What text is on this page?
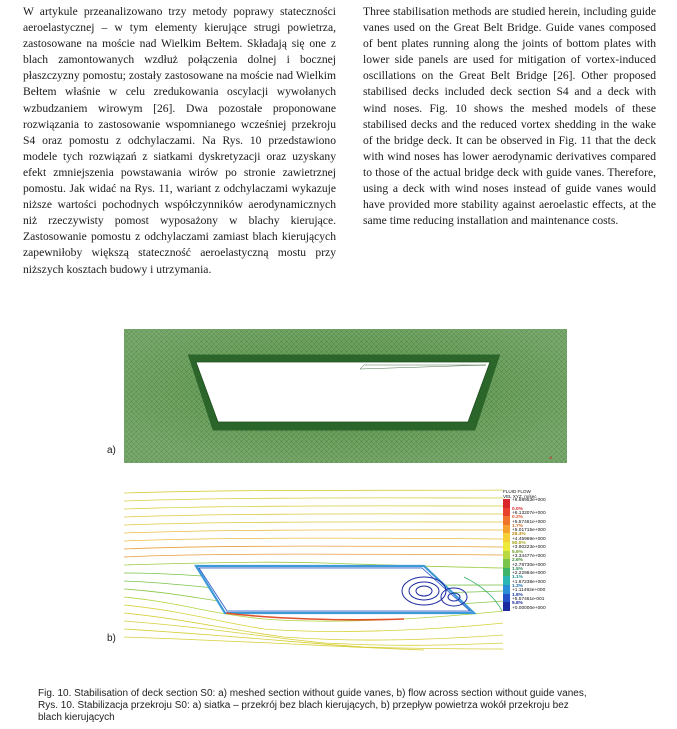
W artykule przeanalizowano trzy metody poprawy stateczności aeroelastycznej – w tym elementy kierujące strugi powietrza, zastosowane na moście nad Wielkim Bełtem. Składają się one z blach zamontowanych wzdłuż połączenia dolnej i bocznej płaszczyzny pomostu; zostały zastosowane na moście nad Wielkim Bełtem właśnie w celu zredukowania oscylacji wywołanych wzbudzaniem wirowym [26]. Dwa pozostałe proponowane rozwiązania to zastosowanie wspomnianego wcześniej przekroju S4 oraz pomostu z odchylaczami. Na Rys. 10 przedstawiono modele tych rozwiązań z siatkami dyskretyzacji oraz uzyskany efekt zmniejszenia powstawania wirów po stronie zawietrznej pomostu. Jak widać na Rys. 11, wariant z odchylaczami wykazuje niższe wartości pochodnych współczynników aerodynamicznych niż rzeczywisty pomost wyposażony w blachy kierujące. Zastosowanie pomostu z odchylaczami zamiast blach kierujących zapewniłoby większą stateczność aeroelastyczną mostu przy niższych kosztach budowy i utrzymania.

Three stabilisation methods are studied herein, including guide vanes used on the Great Belt Bridge. Guide vanes composed of bent plates running along the joints of bottom plates with lower side panels are used for mitigation of vortex-induced oscillations on the Great Belt Bridge [26]. Other proposed stabilised decks included deck section S4 and a deck with wind noses. Fig. 10 shows the meshed models of these stabilised decks and the reduced vortex shedding in the wake of the bridge deck. It can be observed in Fig. 11 that the deck with wind noses has lower aerodynamic derivatives compared to those of the actual bridge deck with guide vanes. Therefore, using a deck with wind noses instead of guide vanes would have provided more stability against aeroelastic effects, at the same time reducing installation and maintenance costs.

a)
⊕
b)
FLUID FLOW
VEL XYZ, m/sec
+6.68953e+000
0.0%
+6.13207e+000
0.2%
+5.57461e+000
1.7%
+5.01715e+000
28.4%
+4.45969e+000
50.0%
+3.90223e+000
5.6%
+3.34477e+000
2.6%
+2.78730e+000
1.5%
+2.22984e+000
1.1%
+1.67238e+000
1.3%
+1.11492e+000
1.8%
+5.57461e-001
5.8%
+0.00000e+000
Fig. 10. Stabilisation of deck section S0: a) meshed section without guide vanes, b) flow across section without guide vanes,
Rys. 10. Stabilizacja przekroju S0: a) siatka – przekrój bez blach kierujących, b) przepływ powietrza wokół przekroju bez
blach kierujących
